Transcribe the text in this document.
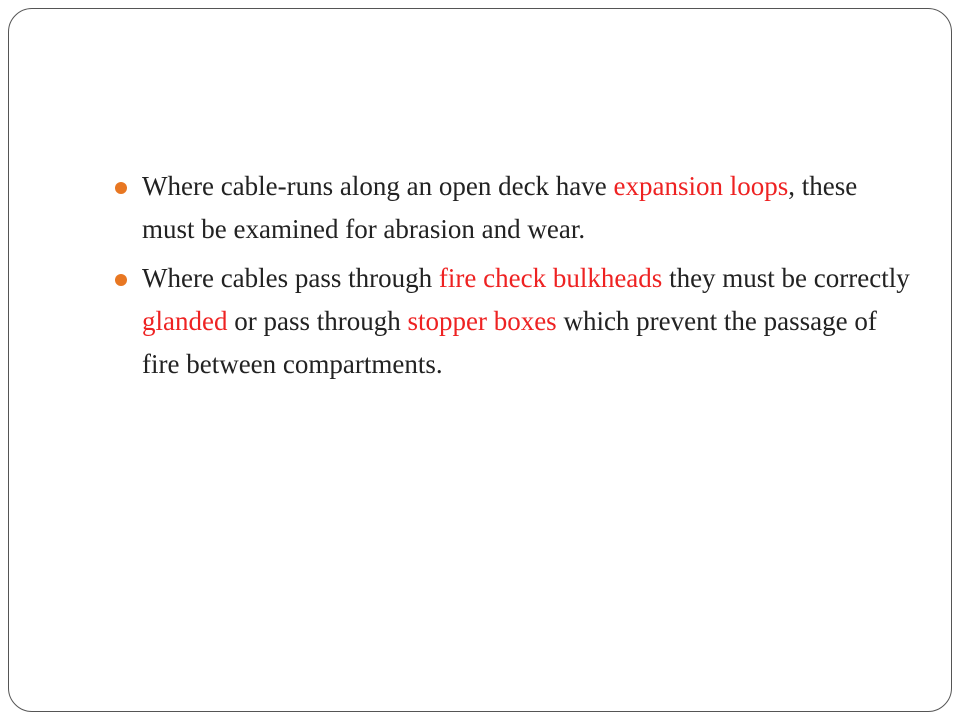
Where cable-runs along an open deck have expansion loops, these must be examined for abrasion and wear.
Where cables pass through fire check bulkheads they must be correctly glanded or pass through stopper boxes which prevent the passage of fire between compartments.
